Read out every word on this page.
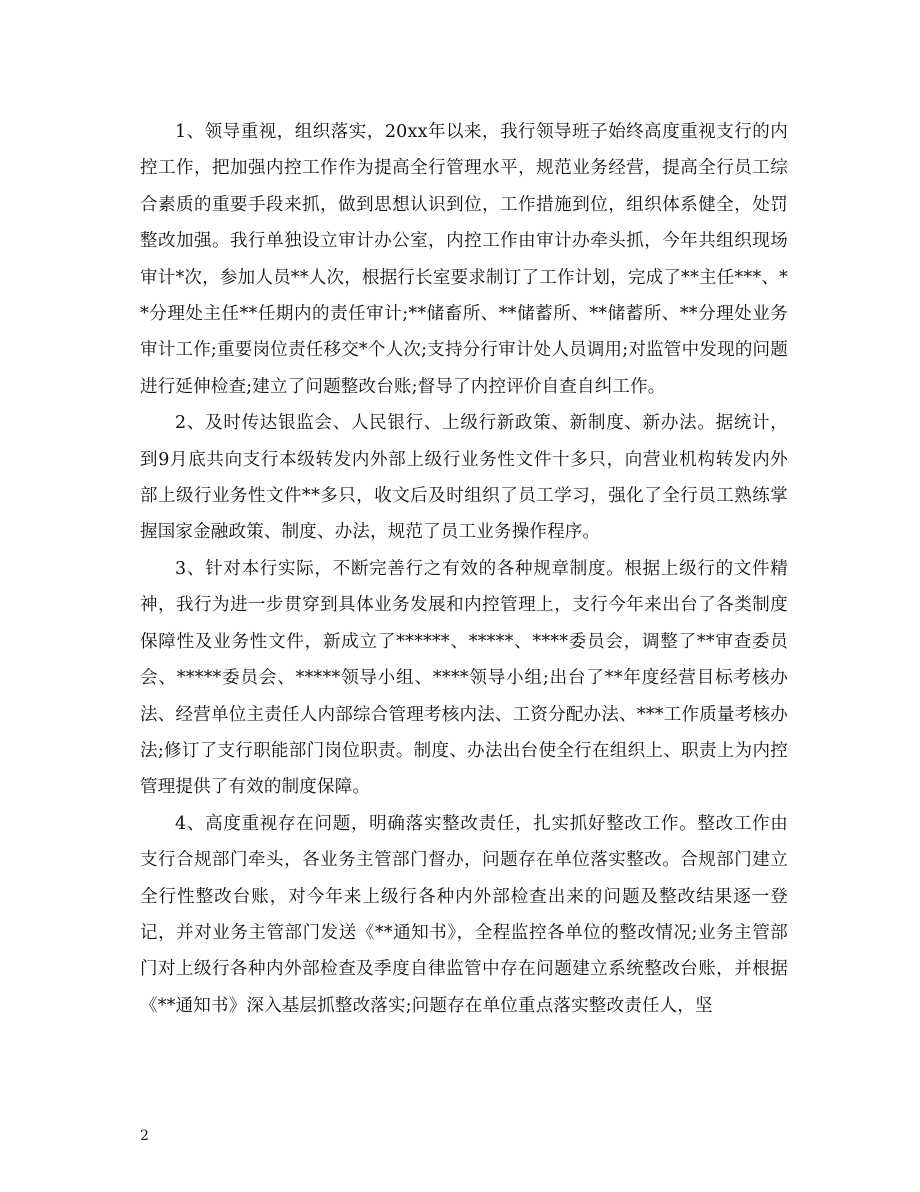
1、领导重视，组织落实，20xx年以来，我行领导班子始终高度重视支行的内控工作，把加强内控工作作为提高全行管理水平，规范业务经营，提高全行员工综合素质的重要手段来抓，做到思想认识到位，工作措施到位，组织体系健全，处罚整改加强。我行单独设立审计办公室，内控工作由审计办牵头抓，今年共组织现场审计*次，参加人员**人次，根据行长室要求制订了工作计划，完成了**主任***、**分理处主任**任期内的责任审计;**储畜所、**储蓄所、**储蓄所、**分理处业务审计工作;重要岗位责任移交*个人次;支持分行审计处人员调用;对监管中发现的问题进行延伸检查;建立了问题整改台账;督导了内控评价自查自纠工作。

2、及时传达银监会、人民银行、上级行新政策、新制度、新办法。据统计，到9月底共向支行本级转发内外部上级行业务性文件十多只，向营业机构转发内外部上级行业务性文件**多只，收文后及时组织了员工学习，强化了全行员工熟练掌握国家金融政策、制度、办法，规范了员工业务操作程序。

3、针对本行实际，不断完善行之有效的各种规章制度。根据上级行的文件精神，我行为进一步贯穿到具体业务发展和内控管理上，支行今年来出台了各类制度保障性及业务性文件，新成立了******、*****、****委员会，调整了**审查委员会、*****委员会、*****领导小组、****领导小组;出台了**年度经营目标考核办法、经营单位主责任人内部综合管理考核内法、工资分配办法、***工作质量考核办法;修订了支行职能部门岗位职责。制度、办法出台使全行在组织上、职责上为内控管理提供了有效的制度保障。

4、高度重视存在问题，明确落实整改责任，扎实抓好整改工作。整改工作由支行合规部门牵头，各业务主管部门督办，问题存在单位落实整改。合规部门建立全行性整改台账，对今年来上级行各种内外部检查出来的问题及整改结果逐一登记，并对业务主管部门发送《**通知书》，全程监控各单位的整改情况;业务主管部门对上级行各种内外部检查及季度自律监管中存在问题建立系统整改台账，并根据《**通知书》深入基层抓整改落实;问题存在单位重点落实整改责任人，坚

2
